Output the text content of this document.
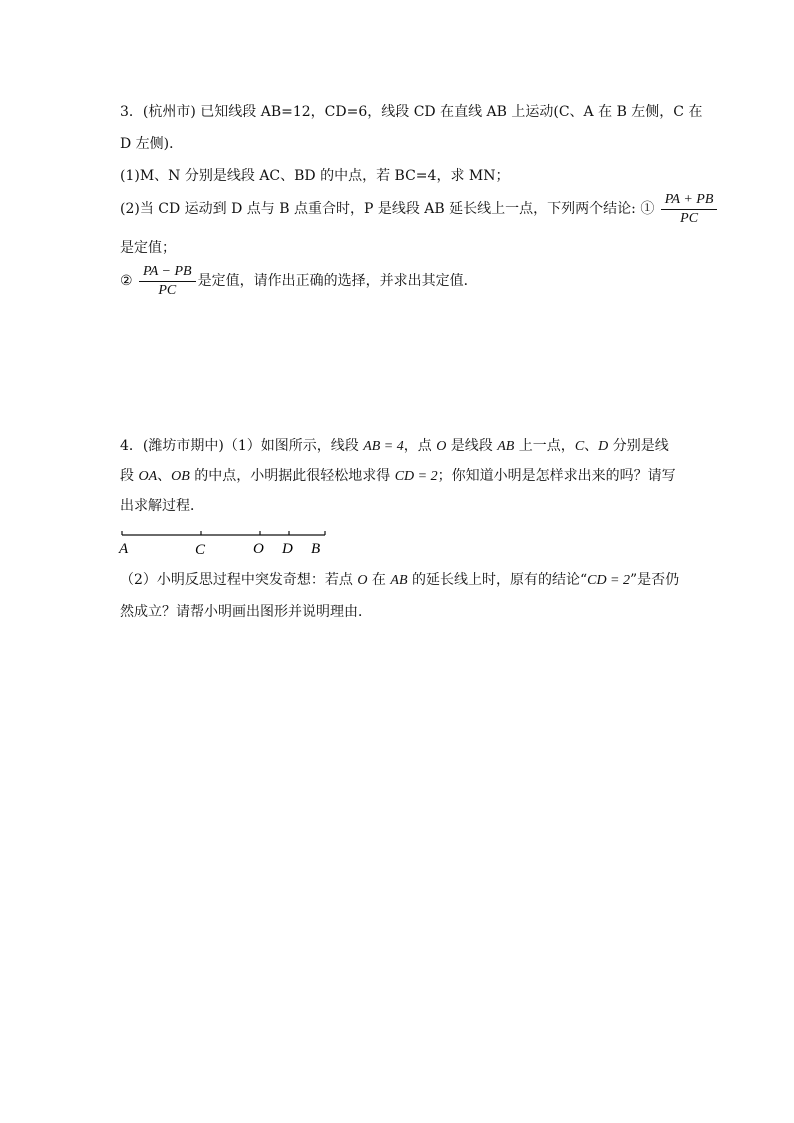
3．(杭州市) 已知线段 AB=12，CD=6，线段 CD 在直线 AB 上运动(C、A 在 B 左侧，C 在
D 左侧)．
(1)M、N 分别是线段 AC、BD 的中点，若 BC=4，求 MN；
(2)当 CD 运动到 D 点与 B 点重合时，P 是线段 AB 延长线上一点，下列两个结论: ① $\frac{PA + PB}{PC}$
是定值；
② $\frac{PA - PB}{PC}$ 是定值，请作出正确的选择，并求出其定值．
4．(潍坊市期中)（1）如图所示，线段 AB = 4，点 O 是线段 AB 上一点，C、D 分别是线
段 OA、OB 的中点，小明据此很轻松地求得 CD = 2；你知道小明是怎样求出来的吗？请写
出求解过程．
A	C	O D B
（2）小明反思过程中突发奇想：若点 O 在 AB 的延长线上时，原有的结论“CD = 2”是否仍
然成立？请帮小明画出图形并说明理由．
